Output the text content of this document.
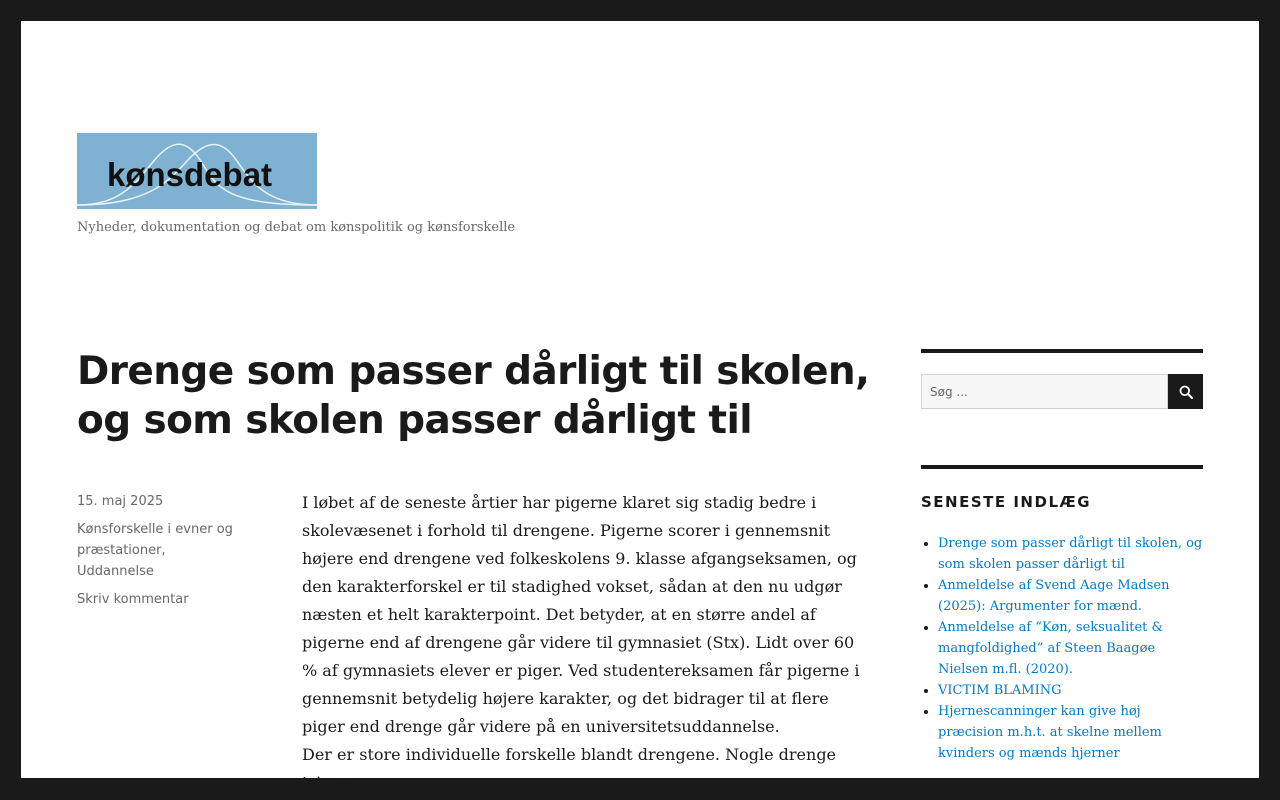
kønsdebat
Nyheder, dokumentation og debat om kønspolitik og kønsforskelle
Drenge som passer dårligt til skolen, og som skolen passer dårligt til
15. maj 2025
Kønsforskelle i evner og præstationer,
Uddannelse
Skriv kommentar

I løbet af de seneste årtier har pigerne klaret sig stadig bedre i skolevæsenet i forhold til drengene. Pigerne scorer i gennemsnit højere end drengene ved folkeskolens 9. klasse afgangseksamen, og den karakterforskel er til stadighed vokset, sådan at den nu udgør næsten et helt karakterpoint. Det betyder, at en større andel af pigerne end af drengene går videre til gymnasiet (Stx). Lidt over 60 % af gymnasiets elever er piger. Ved studentereksamen får pigerne i gennemsnit betydelig højere karakter, og det bidrager til at flere piger end drenge går videre på en universitetsuddannelse.

Der er store individuelle forskelle blandt drengene. Nogle drenge trives

Søg ...
SENESTE INDLÆG
• Drenge som passer dårligt til skolen, og som skolen passer dårligt til
• Anmeldelse af Svend Aage Madsen (2025): Argumenter for mænd.
• Anmeldelse af “Køn, seksualitet & mangfoldighed” af Steen Baagøe Nielsen m.fl. (2020).
• VICTIM BLAMING
• Hjernescanninger kan give høj præcision m.h.t. at skelne mellem kvinders og mænds hjerner
